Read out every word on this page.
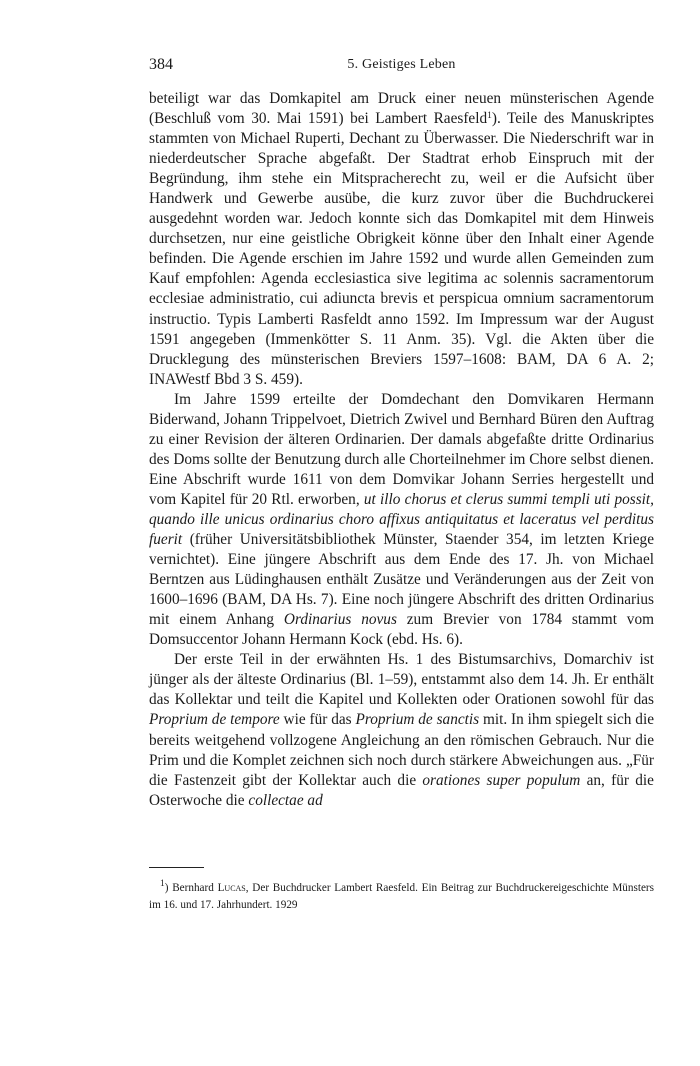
384	5. Geistiges Leben

beteiligt war das Domkapitel am Druck einer neuen münsterischen Agende (Beschluß vom 30. Mai 1591) bei Lambert Raesfeld$^1$). Teile des Manuskriptes stammten von Michael Ruperti, Dechant zu Überwasser. Die Niederschrift war in niederdeutscher Sprache abgefaßt. Der Stadtrat erhob Einspruch mit der Begründung, ihm stehe ein Mitspracherecht zu, weil er die Aufsicht über Handwerk und Gewerbe ausübe, die kurz zuvor über die Buchdruckerei ausgedehnt worden war. Jedoch konnte sich das Domkapitel mit dem Hinweis durchsetzen, nur eine geistliche Obrigkeit könne über den Inhalt einer Agende befinden. Die Agende erschien im Jahre 1592 und wurde allen Gemeinden zum Kauf empfohlen: Agenda ecclesiastica sive legitima ac solennis sacramentorum ecclesiae administratio, cui adiuncta brevis et perspicua omnium sacramentorum instructio. Typis Lamberti Rasfeldt anno 1592. Im Impressum war der August 1591 angegeben (Immenkötter S. 11 Anm. 35). Vgl. die Akten über die Drucklegung des münsterischen Breviers 1597–1608: BAM, DA 6 A. 2; INAWestf Bbd 3 S. 459).

Im Jahre 1599 erteilte der Domdechant den Domvikaren Hermann Biderwand, Johann Trippelvoet, Dietrich Zwivel und Bernhard Büren den Auftrag zu einer Revision der älteren Ordinarien. Der damals abgefaßte dritte Ordinarius des Doms sollte der Benutzung durch alle Chorteilnehmer im Chore selbst dienen. Eine Abschrift wurde 1611 von dem Domvikar Johann Serries hergestellt und vom Kapitel für 20 Rtl. erworben, ut illo chorus et clerus summi templi uti possit, quando ille unicus ordinarius choro affixus antiquitatus et laceratus vel perditus fuerit (früher Universitätsbibliothek Münster, Staender 354, im letzten Kriege vernichtet). Eine jüngere Abschrift aus dem Ende des 17. Jh. von Michael Berntzen aus Lüdinghausen enthält Zusätze und Veränderungen aus der Zeit von 1600–1696 (BAM, DA Hs. 7). Eine noch jüngere Abschrift des dritten Ordinarius mit einem Anhang Ordinarius novus zum Brevier von 1784 stammt vom Domsuccentor Johann Hermann Kock (ebd. Hs. 6).

Der erste Teil in der erwähnten Hs. 1 des Bistumsarchivs, Domarchiv ist jünger als der älteste Ordinarius (Bl. 1–59), entstammt also dem 14. Jh. Er enthält das Kollektar und teilt die Kapitel und Kollekten oder Orationen sowohl für das Proprium de tempore wie für das Proprium de sanctis mit. In ihm spiegelt sich die bereits weitgehend vollzogene Angleichung an den römischen Gebrauch. Nur die Prim und die Komplet zeichnen sich noch durch stärkere Abweichungen aus. „Für die Fastenzeit gibt der Kollektar auch die orationes super populum an, für die Osterwoche die collectae ad

$^1$) Bernhard Lucas, Der Buchdrucker Lambert Raesfeld. Ein Beitrag zur Buchdruckereigeschichte Münsters im 16. und 17. Jahrhundert. 1929
